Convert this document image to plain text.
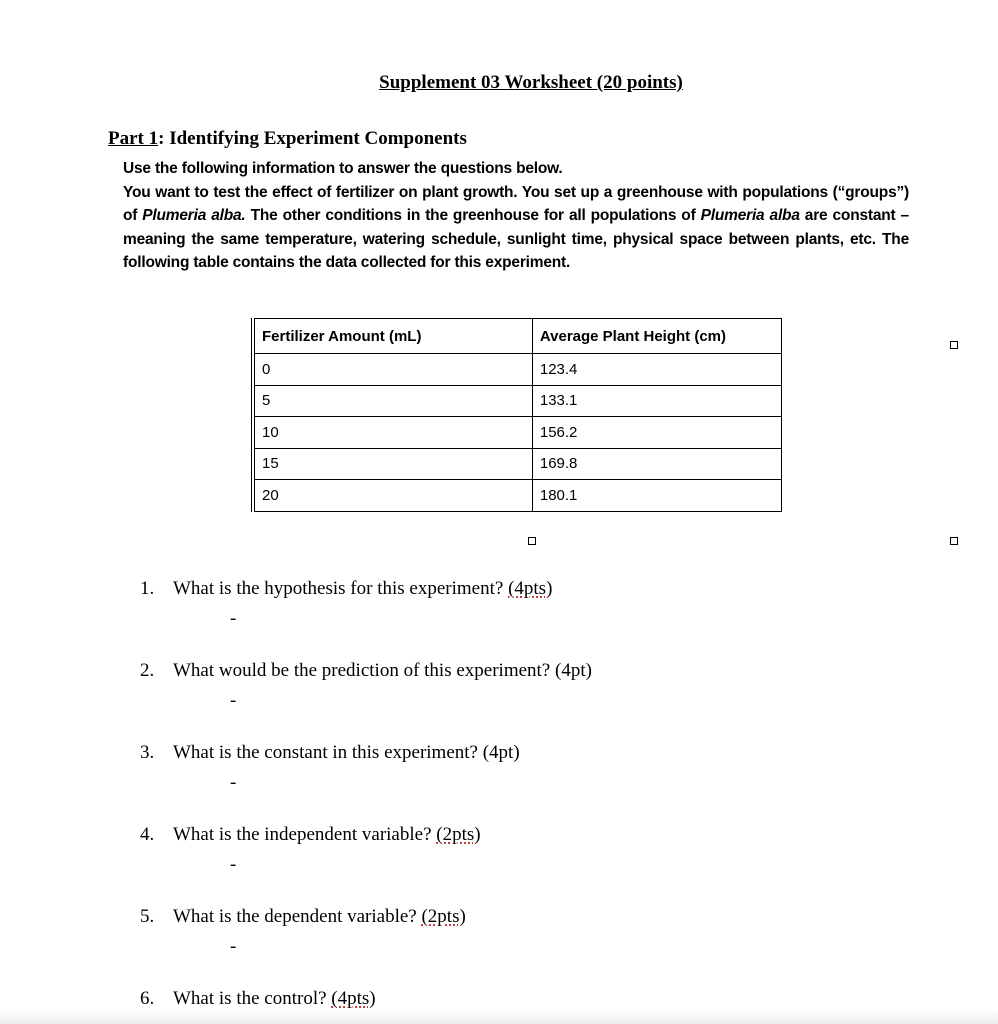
Supplement 03 Worksheet (20 points)
Part 1: Identifying Experiment Components

Use the following information to answer the questions below.

You want to test the effect of fertilizer on plant growth. You set up a greenhouse with populations (“groups”) of Plumeria alba. The other conditions in the greenhouse for all populations of Plumeria alba are constant – meaning the same temperature, watering schedule, sunlight time, physical space between plants, etc. The following table contains the data collected for this experiment.

Fertilizer Amount (mL)	Average Plant Height (cm)
0	123.4
5	133.1
10	156.2
15	169.8
20	180.1
1. What is the hypothesis for this experiment? (4pts)
-
2. What would be the prediction of this experiment? (4pt)
-
3. What is the constant in this experiment? (4pt)
-
4. What is the independent variable? (2pts)
-
5. What is the dependent variable? (2pts)
-
6. What is the control? (4pts)
